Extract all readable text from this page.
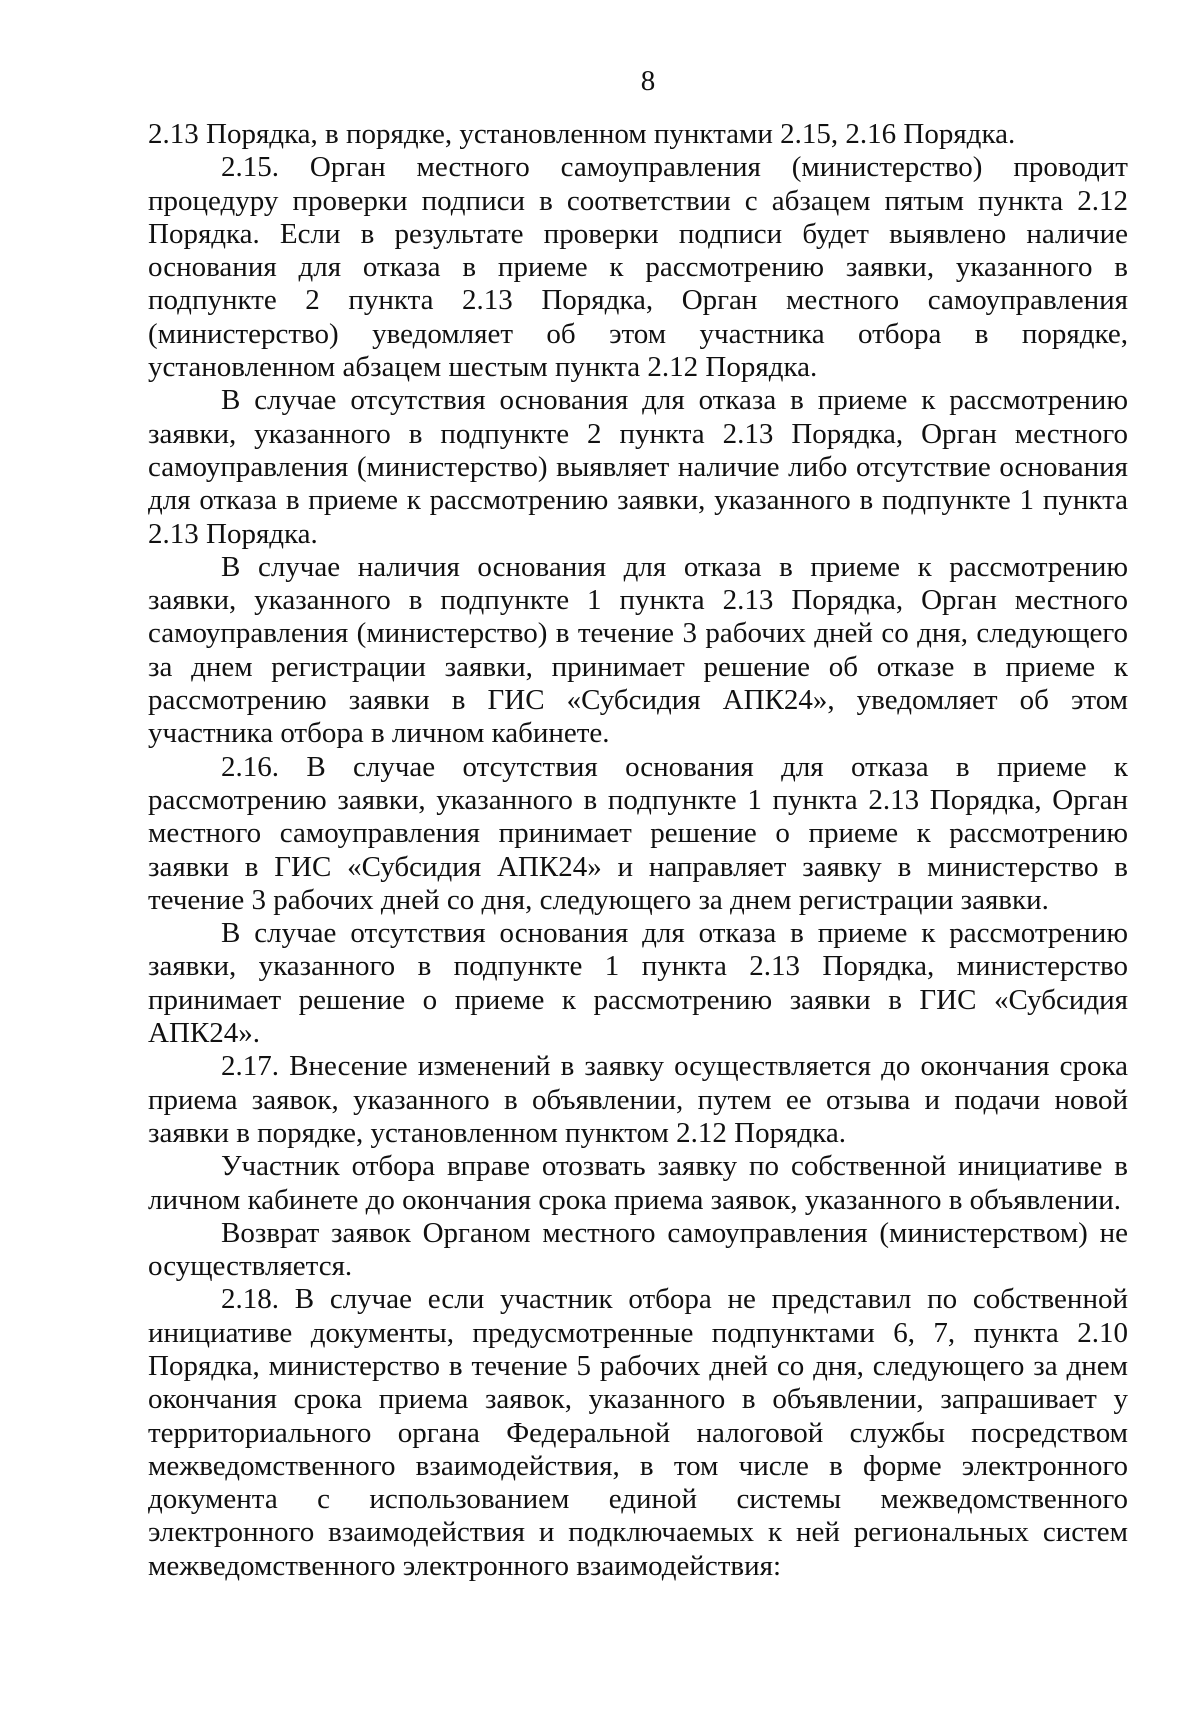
8

2.13 Порядка, в порядке, установленном пунктами 2.15, 2.16 Порядка.

2.15. Орган местного самоуправления (министерство) проводит процедуру проверки подписи в соответствии с абзацем пятым пункта 2.12 Порядка. Если в результате проверки подписи будет выявлено наличие основания для отказа в приеме к рассмотрению заявки, указанного в подпункте 2 пункта 2.13 Порядка, Орган местного самоуправления (министерство) уведомляет об этом участника отбора в порядке, установленном абзацем шестым пункта 2.12 Порядка.

В случае отсутствия основания для отказа в приеме к рассмотрению заявки, указанного в подпункте 2 пункта 2.13 Порядка, Орган местного самоуправления (министерство) выявляет наличие либо отсутствие основания для отказа в приеме к рассмотрению заявки, указанного в подпункте 1 пункта 2.13 Порядка.

В случае наличия основания для отказа в приеме к рассмотрению заявки, указанного в подпункте 1 пункта 2.13 Порядка, Орган местного самоуправления (министерство) в течение 3 рабочих дней со дня, следующего за днем регистрации заявки, принимает решение об отказе в приеме к рассмотрению заявки в ГИС «Субсидия АПК24», уведомляет об этом участника отбора в личном кабинете.

2.16. В случае отсутствия основания для отказа в приеме к рассмотрению заявки, указанного в подпункте 1 пункта 2.13 Порядка, Орган местного самоуправления принимает решение о приеме к рассмотрению заявки в ГИС «Субсидия АПК24» и направляет заявку в министерство в течение 3 рабочих дней со дня, следующего за днем регистрации заявки.

В случае отсутствия основания для отказа в приеме к рассмотрению заявки, указанного в подпункте 1 пункта 2.13 Порядка, министерство принимает решение о приеме к рассмотрению заявки в ГИС «Субсидия АПК24».

2.17. Внесение изменений в заявку осуществляется до окончания срока приема заявок, указанного в объявлении, путем ее отзыва и подачи новой заявки в порядке, установленном пунктом 2.12 Порядка.

Участник отбора вправе отозвать заявку по собственной инициативе в личном кабинете до окончания срока приема заявок, указанного в объявлении.

Возврат заявок Органом местного самоуправления (министерством) не осуществляется.

2.18. В случае если участник отбора не представил по собственной инициативе документы, предусмотренные подпунктами 6, 7, пункта 2.10 Порядка, министерство в течение 5 рабочих дней со дня, следующего за днем окончания срока приема заявок, указанного в объявлении, запрашивает у территориального органа Федеральной налоговой службы посредством межведомственного взаимодействия, в том числе в форме электронного документа с использованием единой системы межведомственного электронного взаимодействия и подключаемых к ней региональных систем межведомственного электронного взаимодействия:
